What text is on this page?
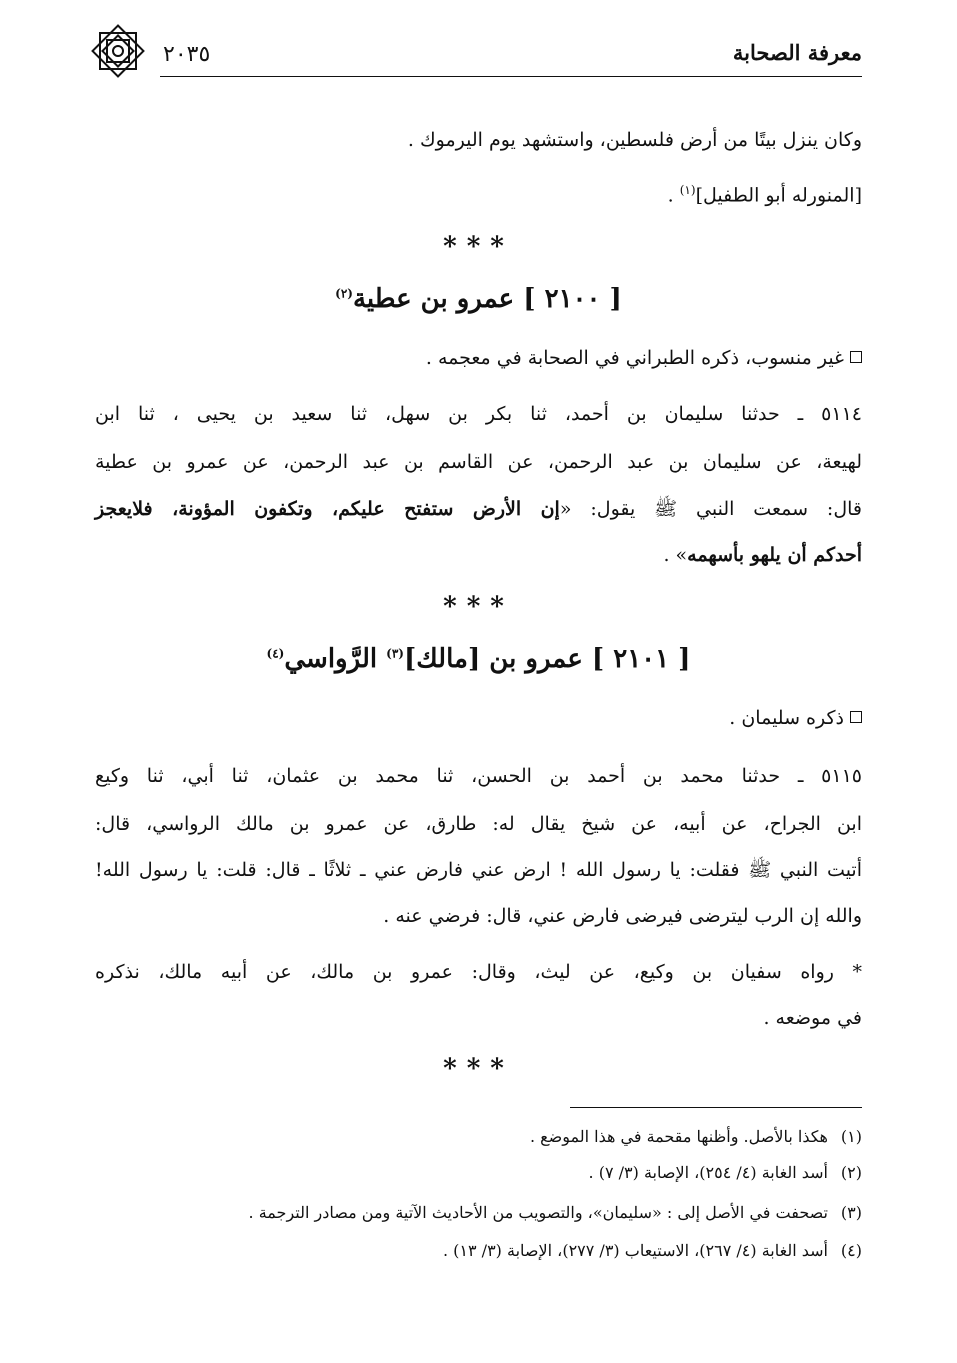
معرفة الصحابة
٢٠٣٥
وكان ينزل بيتًا من أرض فلسطين، واستشهد يوم اليرموك .
[المنورله أبو الطفيل]$^{(١)}$ .
***
[ ٢١٠٠ ] عمرو بن عطية$^{(٢)}$
غير منسوب، ذكره الطبراني في الصحابة في معجمه .
٥١١٤ ـ حدثنا سليمان بن أحمد، ثنا بكر بن سهل، ثنا سعيد بن يحيى ، ثنا ابن
لهيعة، عن سليمان بن عبد الرحمن، عن القاسم بن عبد الرحمن، عن عمرو بن عطية
قال: سمعت النبي ﷺ يقول: «إن الأرض ستفتح عليكم، وتكفون المؤونة، فلايعجز
أحدكم أن يلهو بأسهمه» .
***
[ ٢١٠١ ] عمرو بن [مالك]$^{(٣)}$ الرَّواسي$^{(٤)}$
ذكره سليمان .
٥١١٥ ـ حدثنا محمد بن أحمد بن الحسن، ثنا محمد بن عثمان، ثنا أبي، ثنا وكيع
ابن الجراح، عن أبيه، عن شيخ يقال له: طارق، عن عمرو بن مالك الرواسي، قال:
أتيت النبي ﷺ فقلت: يا رسول الله ! ارض عني فارض عني ـ ثلاثًا ـ قال: قلت: يا رسول الله!
والله إن الرب ليترضى فيرضى فارض عني، قال: فرضي عنه .
* رواه سفيان بن وكيع، عن ليث، وقال: عمرو بن مالك، عن أبيه مالك، نذكره
في موضعه .
***
(١)هكذا بالأصل. وأظنها مقحمة في هذا الموضع .
(٢)أسد الغابة (٤/ ٢٥٤)، الإصابة (٣/ ٧) .
(٣)تصحفت في الأصل إلى : «سليمان»، والتصويب من الأحاديث الآتية ومن مصادر الترجمة .
(٤)أسد الغابة (٤/ ٢٦٧)، الاستيعاب (٣/ ٢٧٧)، الإصابة (٣/ ١٣) .
